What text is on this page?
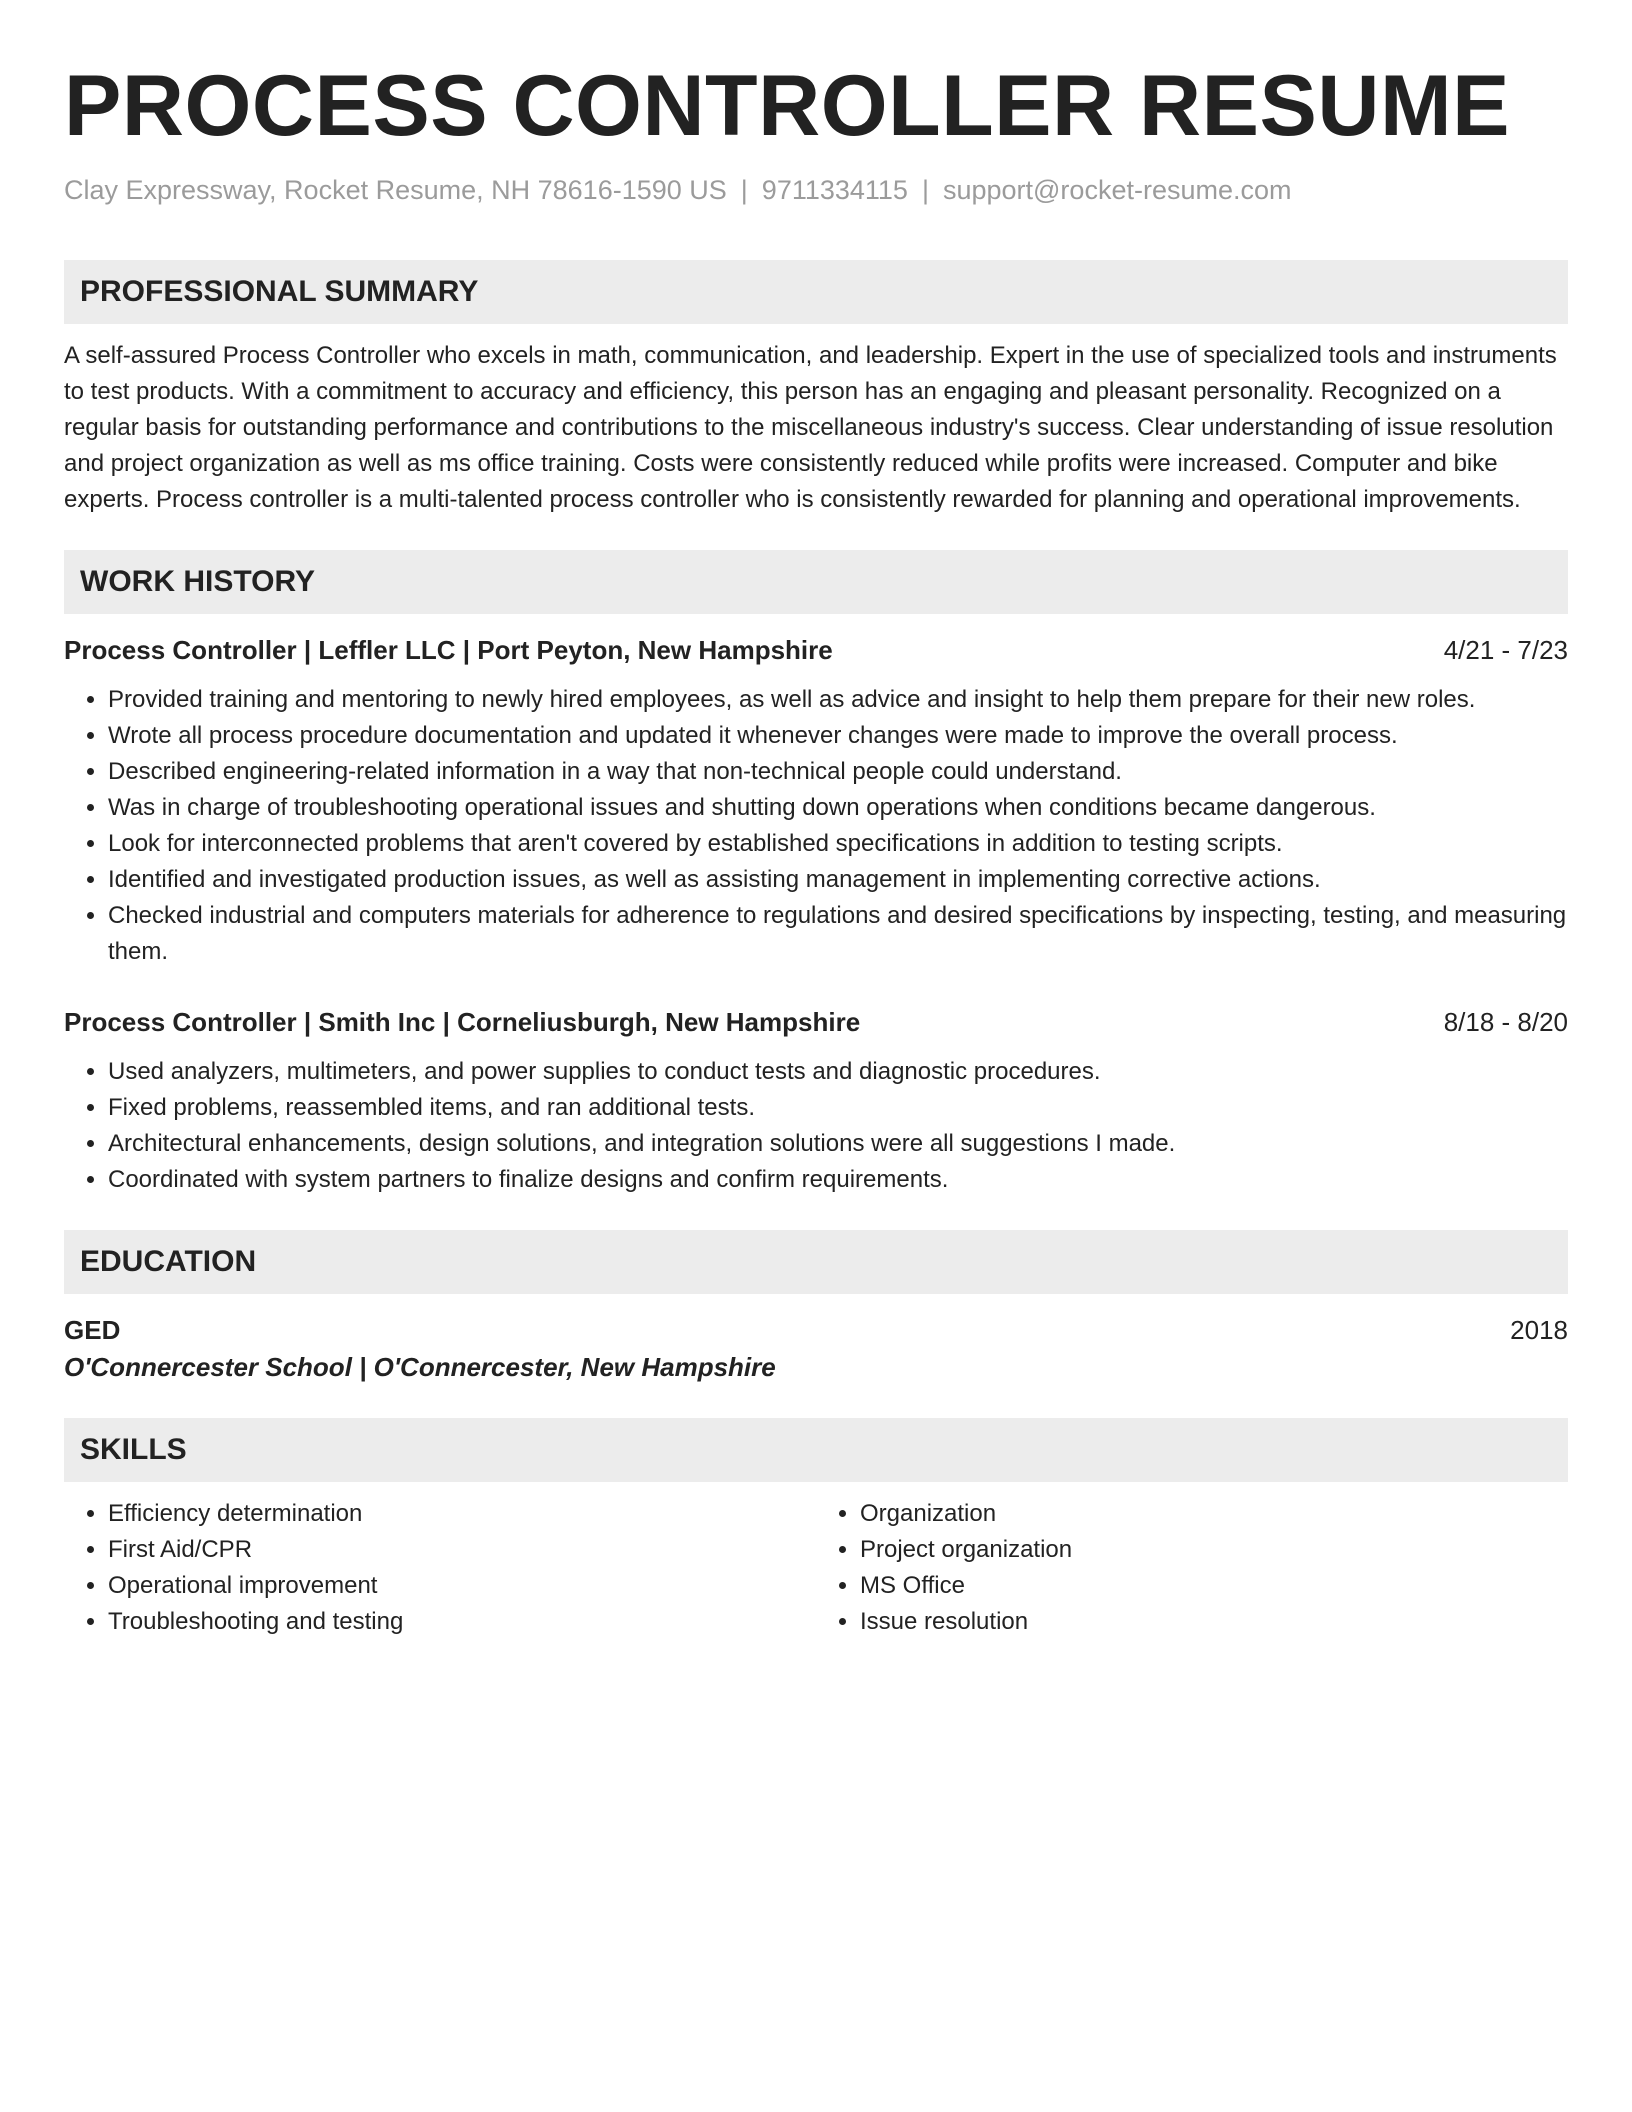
PROCESS CONTROLLER RESUME
Clay Expressway, Rocket Resume, NH 78616-1590 US | 9711334115 | support@rocket-resume.com
PROFESSIONAL SUMMARY

A self-assured Process Controller who excels in math, communication, and leadership. Expert in the use of specialized tools and instruments to test products. With a commitment to accuracy and efficiency, this person has an engaging and pleasant personality. Recognized on a regular basis for outstanding performance and contributions to the miscellaneous industry's success. Clear understanding of issue resolution and project organization as well as ms office training. Costs were consistently reduced while profits were increased. Computer and bike experts. Process controller is a multi-talented process controller who is consistently rewarded for planning and operational improvements.

WORK HISTORY
Process Controller | Leffler LLC | Port Peyton, New Hampshire	4/21 - 7/23
• Provided training and mentoring to newly hired employees, as well as advice and insight to help them prepare for their new roles.
• Wrote all process procedure documentation and updated it whenever changes were made to improve the overall process.
• Described engineering-related information in a way that non-technical people could understand.
• Was in charge of troubleshooting operational issues and shutting down operations when conditions became dangerous.
• Look for interconnected problems that aren't covered by established specifications in addition to testing scripts.
• Identified and investigated production issues, as well as assisting management in implementing corrective actions.
• Checked industrial and computers materials for adherence to regulations and desired specifications by inspecting, testing, and measuring them.
Process Controller | Smith Inc | Corneliusburgh, New Hampshire	8/18 - 8/20
• Used analyzers, multimeters, and power supplies to conduct tests and diagnostic procedures.
• Fixed problems, reassembled items, and ran additional tests.
• Architectural enhancements, design solutions, and integration solutions were all suggestions I made.
• Coordinated with system partners to finalize designs and confirm requirements.
EDUCATION
GED	2018
O'Connercester School | O'Connercester, New Hampshire
SKILLS
• Efficiency determination
• First Aid/CPR
• Operational improvement
• Troubleshooting and testing
• Organization
• Project organization
• MS Office
• Issue resolution
